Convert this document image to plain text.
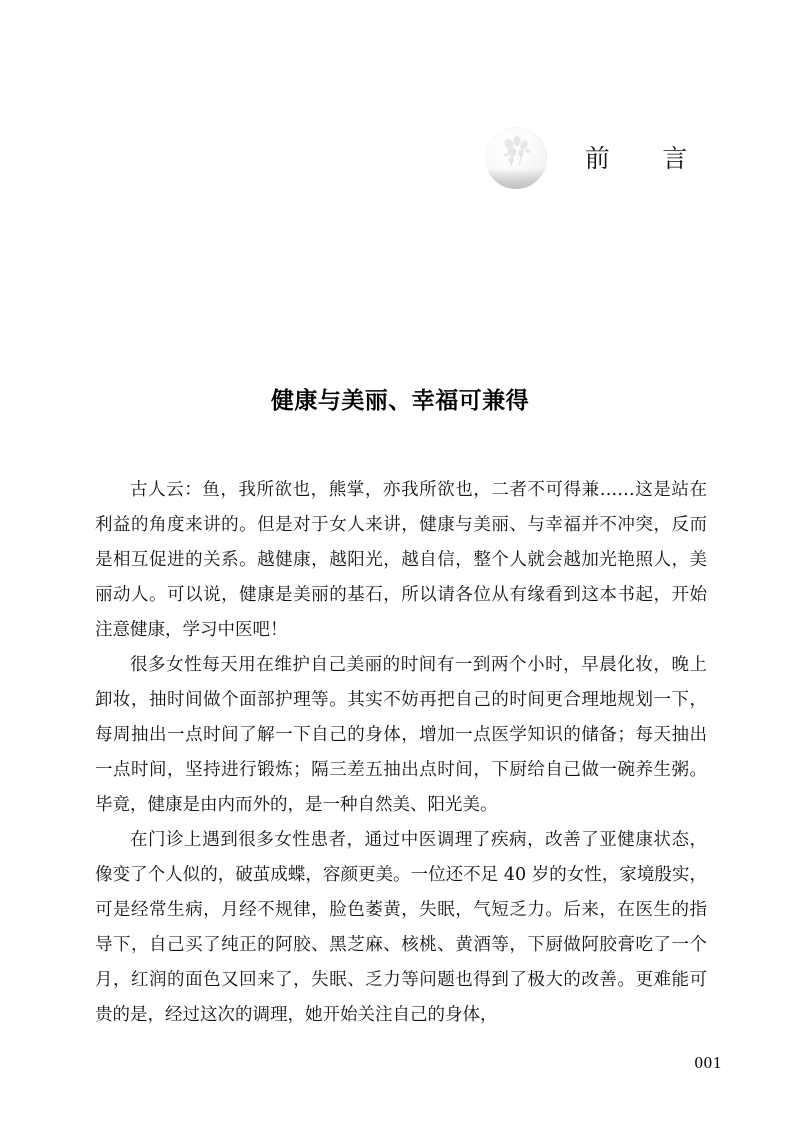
前　言
健康与美丽、幸福可兼得

古人云：鱼，我所欲也，熊掌，亦我所欲也，二者不可得兼……这是站在利益的角度来讲的。但是对于女人来讲，健康与美丽、与幸福并不冲突，反而是相互促进的关系。越健康，越阳光，越自信，整个人就会越加光艳照人，美丽动人。可以说，健康是美丽的基石，所以请各位从有缘看到这本书起，开始注意健康，学习中医吧！

很多女性每天用在维护自己美丽的时间有一到两个小时，早晨化妆，晚上卸妆，抽时间做个面部护理等。其实不妨再把自己的时间更合理地规划一下，每周抽出一点时间了解一下自己的身体，增加一点医学知识的储备；每天抽出一点时间，坚持进行锻炼；隔三差五抽出点时间，下厨给自己做一碗养生粥。毕竟，健康是由内而外的，是一种自然美、阳光美。

在门诊上遇到很多女性患者，通过中医调理了疾病，改善了亚健康状态，像变了个人似的，破茧成蝶，容颜更美。一位还不足 40 岁的女性，家境殷实，可是经常生病，月经不规律，脸色萎黄，失眠，气短乏力。后来，在医生的指导下，自己买了纯正的阿胶、黑芝麻、核桃、黄酒等，下厨做阿胶膏吃了一个月，红润的面色又回来了，失眠、乏力等问题也得到了极大的改善。更难能可贵的是，经过这次的调理，她开始关注自己的身体，

001
